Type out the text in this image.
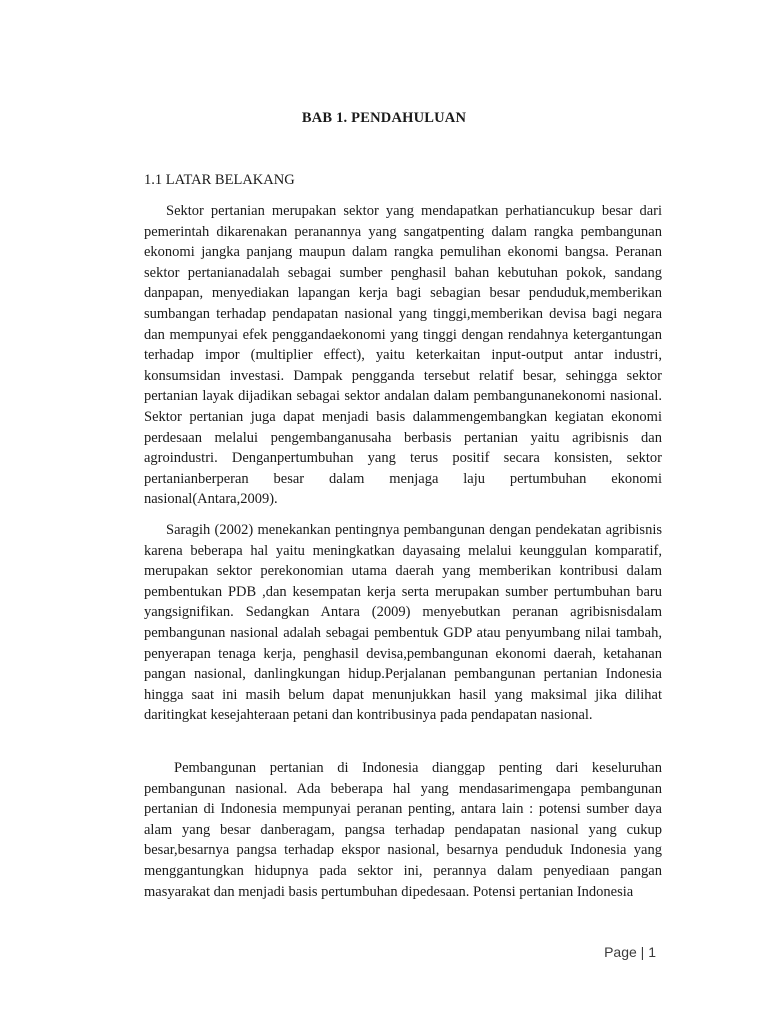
BAB 1. PENDAHULUAN
1.1 LATAR BELAKANG

Sektor pertanian merupakan sektor yang mendapatkan perhatiancukup besar dari pemerintah dikarenakan peranannya yang sangatpenting dalam rangka pembangunan ekonomi jangka panjang maupun dalam rangka pemulihan ekonomi bangsa. Peranan sektor pertanianadalah sebagai sumber penghasil bahan kebutuhan pokok, sandang danpapan, menyediakan lapangan kerja bagi sebagian besar penduduk,memberikan sumbangan terhadap pendapatan nasional yang tinggi,memberikan devisa bagi negara dan mempunyai efek penggandaekonomi yang tinggi dengan rendahnya ketergantungan terhadap impor (multiplier effect), yaitu keterkaitan input-output antar industri, konsumsidan investasi. Dampak pengganda tersebut relatif besar, sehingga sektor pertanian layak dijadikan sebagai sektor andalan dalam pembangunanekonomi nasional. Sektor pertanian juga dapat menjadi basis dalammengembangkan kegiatan ekonomi perdesaan melalui pengembanganusaha berbasis pertanian yaitu agribisnis dan agroindustri. Denganpertumbuhan yang terus positif secara konsisten, sektor pertanianberperan besar dalam menjaga laju pertumbuhan ekonomi nasional(Antara,2009).

Saragih (2002) menekankan pentingnya pembangunan dengan pendekatan agribisnis karena beberapa hal yaitu meningkatkan dayasaing melalui keunggulan komparatif, merupakan sektor perekonomian utama daerah yang memberikan kontribusi dalam pembentukan PDB ,dan kesempatan kerja serta merupakan sumber pertumbuhan baru yangsignifikan. Sedangkan Antara (2009) menyebutkan peranan agribisnisdalam pembangunan nasional adalah sebagai pembentuk GDP atau penyumbang nilai tambah, penyerapan tenaga kerja, penghasil devisa,pembangunan ekonomi daerah, ketahanan pangan nasional, danlingkungan hidup.Perjalanan pembangunan pertanian Indonesia hingga saat ini masih belum dapat menunjukkan hasil yang maksimal jika dilihat daritingkat kesejahteraan petani dan kontribusinya pada pendapatan nasional.

Pembangunan pertanian di Indonesia dianggap penting dari keseluruhan pembangunan nasional. Ada beberapa hal yang mendasarimengapa pembangunan pertanian di Indonesia mempunyai peranan penting, antara lain : potensi sumber daya alam yang besar danberagam, pangsa terhadap pendapatan nasional yang cukup besar,besarnya pangsa terhadap ekspor nasional, besarnya penduduk Indonesia yang menggantungkan hidupnya pada sektor ini, perannya dalam penyediaan pangan masyarakat dan menjadi basis pertumbuhan dipedesaan. Potensi pertanian Indonesia

Page | 1
